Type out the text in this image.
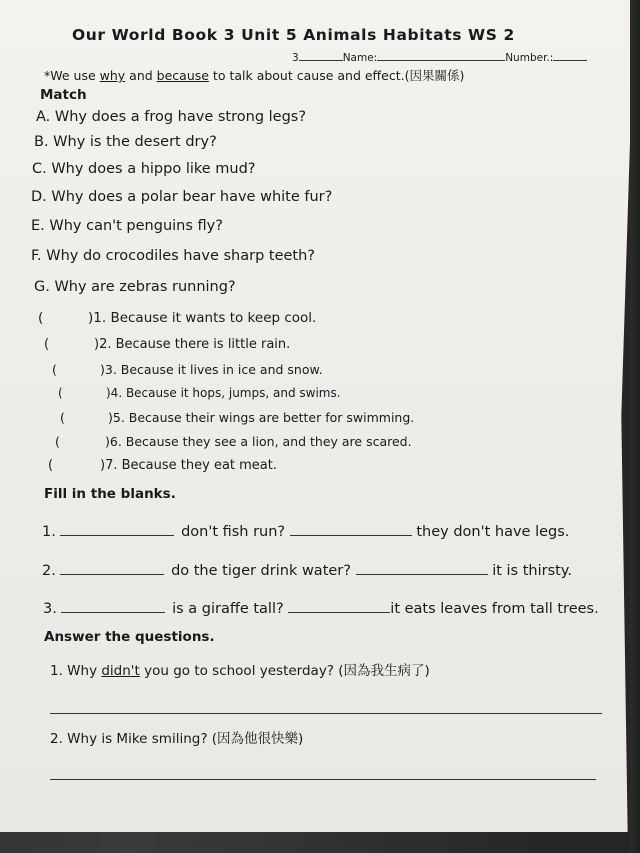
Our World Book 3 Unit 5 Animals Habitats WS 2
3	Name:	Number.:
*We use why and because to talk about cause and effect.(因果關係)
Match
A. Why does a frog have strong legs?
B. Why is the desert dry?
C. Why does a hippo like mud?
D. Why does a polar bear have white fur?
E. Why can't penguins fly?
F. Why do crocodiles have sharp teeth?
G. Why are zebras running?
(	)1. Because it wants to keep cool.
(	)2. Because there is little rain.
(	)3. Because it lives in ice and snow.
(	)4. Because it hops, jumps, and swims.
(	)5. Because their wings are better for swimming.
(	)6. Because they see a lion, and they are scared.
(	)7. Because they eat meat.
Fill in the blanks.
1.	don't fish run?	they don't have legs.
2.	do the tiger drink water?	it is thirsty.
3.	is a giraffe tall?	it eats leaves from tall trees.
Answer the questions.
1. Why didn't you go to school yesterday? (因為我生病了)
2. Why is Mike smiling? (因為他很快樂)
